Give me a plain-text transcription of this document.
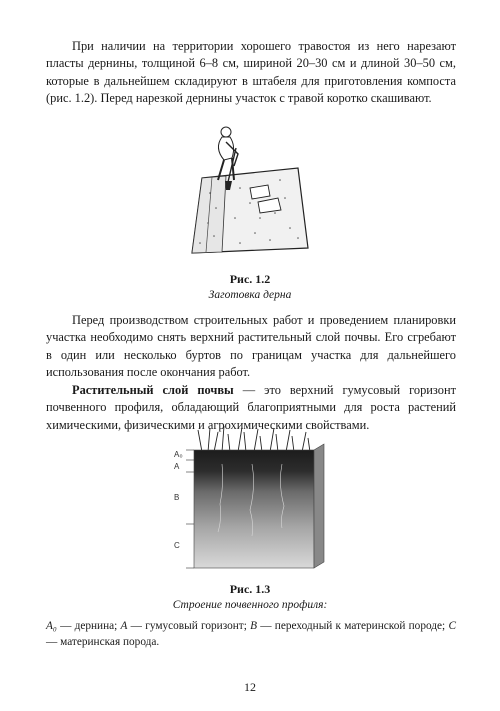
При наличии на территории хорошего травостоя из него нарезают пласты дернины, толщиной 6–8 см, шириной 20–30 см и длиной 30–50 см, которые в дальнейшем складируют в штабеля для приготовления компоста (рис. 1.2). Перед нарезкой дернины участок с травой коротко скашивают.

Рис. 1.2
Заготовка дерна

Перед производством строительных работ и проведением планировки участка необходимо снять верхний растительный слой почвы. Его сгребают в один или несколько буртов по границам участка для дальнейшего использования после окончания работ.

Растительный слой почвы — это верхний гумусовый горизонт почвенного профиля, обладающий благоприятными для роста растений химическими, физическими и агрохимическими свойствами.

A₀
A
B
C
Рис. 1.3
Строение почвенного профиля:

A₀ — дернина; A — гумусовый горизонт; B — переходный к материнской породе; C — материнская порода.

12
